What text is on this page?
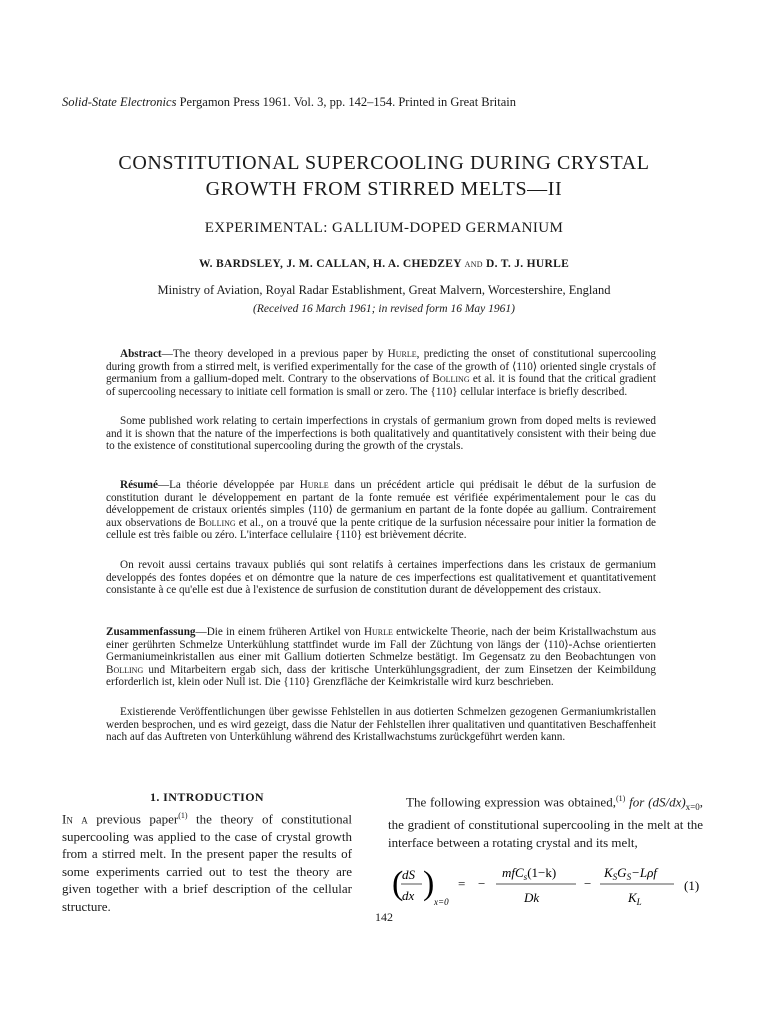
Solid-State Electronics Pergamon Press 1961. Vol. 3, pp. 142–154. Printed in Great Britain
CONSTITUTIONAL SUPERCOOLING DURING CRYSTAL
GROWTH FROM STIRRED MELTS—II
EXPERIMENTAL: GALLIUM-DOPED GERMANIUM
W. BARDSLEY, J. M. CALLAN, H. A. CHEDZEY and D. T. J. HURLE
Ministry of Aviation, Royal Radar Establishment, Great Malvern, Worcestershire, England
(Received 16 March 1961; in revised form 16 May 1961)
Abstract—The theory developed in a previous paper by Hurle, predicting the onset of constitutional supercooling during growth from a stirred melt, is verified experimentally for the case of the growth of ⟨110⟩ oriented single crystals of germanium from a gallium-doped melt. Contrary to the observations of Bolling et al. it is found that the critical gradient of supercooling necessary to initiate cell formation is small or zero. The {110} cellular interface is briefly described.
Some published work relating to certain imperfections in crystals of germanium grown from doped melts is reviewed and it is shown that the nature of the imperfections is both qualitatively and quantitatively consistent with their being due to the existence of constitutional supercooling during the growth of the crystals.
Résumé—La théorie développée par Hurle dans un précédent article qui prédisait le début de la surfusion de constitution durant le développement en partant de la fonte remuée est vérifiée expérimentalement pour le cas du développement de cristaux orientés simples ⟨110⟩ de germanium en partant de la fonte dopée au gallium. Contrairement aux observations de Bolling et al., on a trouvé que la pente critique de la surfusion nécessaire pour initier la formation de cellule est très faible ou zéro. L'interface cellulaire {110} est brièvement décrite.
On revoit aussi certains travaux publiés qui sont relatifs à certaines imperfections dans les cristaux de germanium developpés des fontes dopées et on démontre que la nature de ces imperfections est qualitativement et quantitativement consistante à ce qu'elle est due à l'existence de surfusion de constitution durant de développement des cristaux.
Zusammenfassung—Die in einem früheren Artikel von Hurle entwickelte Theorie, nach der beim Kristallwachstum aus einer gerührten Schmelze Unterkühlung stattfindet wurde im Fall der Züchtung von längs der ⟨110⟩-Achse orientierten Germaniumeinkristallen aus einer mit Gallium dotierten Schmelze bestätigt. Im Gegensatz zu den Beobachtungen von Bolling und Mitarbeitern ergab sich, dass der kritische Unterkühlungsgradient, der zum Einsetzen der Keimbildung erforderlich ist, klein oder Null ist. Die {110} Grenzfläche der Keimkristalle wird kurz beschrieben.
Existierende Veröffentlichungen über gewisse Fehlstellen in aus dotierten Schmelzen gezogenen Germaniumkristallen werden besprochen, und es wird gezeigt, dass die Natur der Fehlstellen ihrer qualitativen und quantitativen Beschaffenheit nach auf das Auftreten von Unterkühlung während des Kristallwachstums zurückgeführt werden kann.
1. INTRODUCTION
In a previous paper$^{(1)}$ the theory of constitutional supercooling was applied to the case of crystal growth from a stirred melt. In the present paper the results of some experiments carried out to test the theory are given together with a brief description of the cellular structure.
The following expression was obtained,$^{(1)}$ for $(dS/dx)_{x=0}$, the gradient of constitutional supercooling in the melt at the interface between a rotating crystal and its melt,
(
dS
dx ) x=0
= −
mfC$_s$(1−k)
Dk
−
$K_SG_S-L\rho f$
$K_L$
(1)
142
